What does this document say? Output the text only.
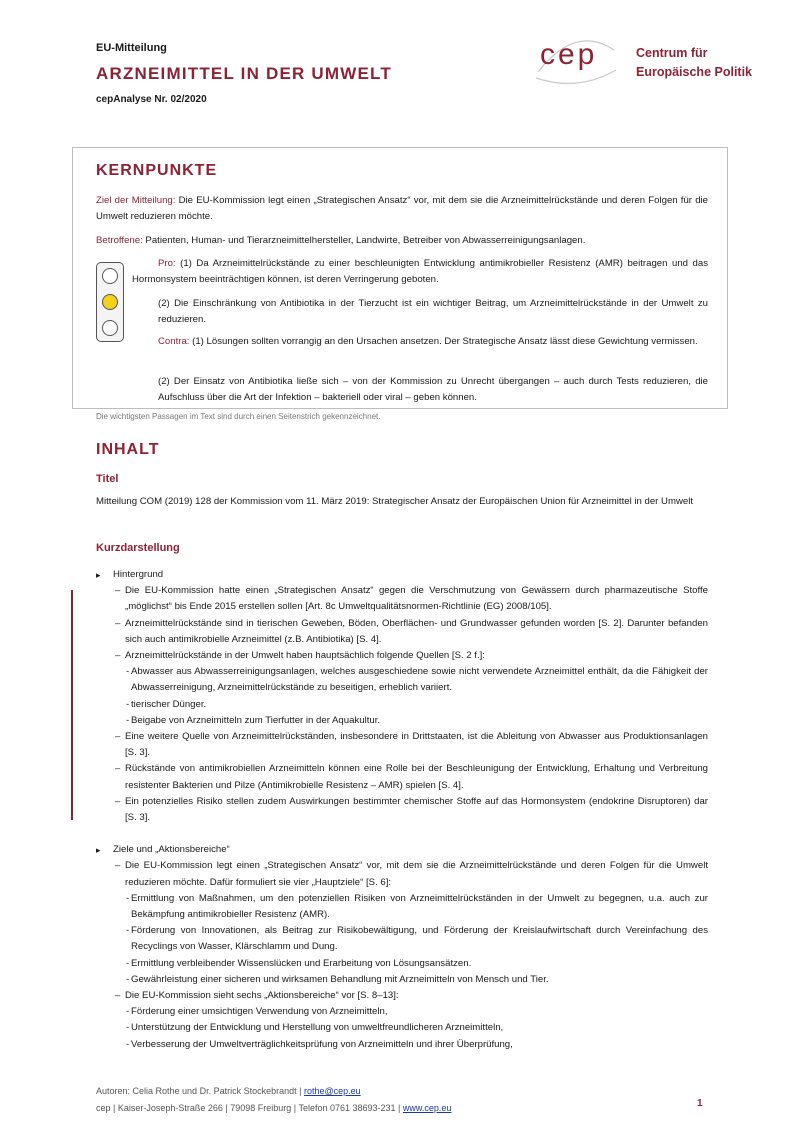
EU-Mitteilung
ARZNEIMITTEL IN DER UMWELT
cepAnalyse Nr. 02/2020
cep	Centrum für
Europäische Politik
KERNPUNKTE
Ziel der Mitteilung: Die EU-Kommission legt einen „Strategischen Ansatz“ vor, mit dem sie die Arzneimittelrückstände und deren Folgen für die Umwelt reduzieren möchte.
Betroffene: Patienten, Human- und Tierarzneimittelhersteller, Landwirte, Betreiber von Abwasserreinigungsanlagen.
Pro: (1) Da Arzneimittelrückstände zu einer beschleunigten Entwicklung antimikrobieller Resistenz (AMR) beitragen und das Hormonsystem beeinträchtigen können, ist deren Verringerung geboten.
(2) Die Einschränkung von Antibiotika in der Tierzucht ist ein wichtiger Beitrag, um Arzneimittelrückstände in der Umwelt zu reduzieren.
Contra: (1) Lösungen sollten vorrangig an den Ursachen ansetzen. Der Strategische Ansatz lässt diese Gewichtung vermissen.
(2) Der Einsatz von Antibiotika ließe sich – von der Kommission zu Unrecht übergangen – auch durch Tests reduzieren, die Aufschluss über die Art der Infektion – bakteriell oder viral – geben können.
Die wichtigsten Passagen im Text sind durch einen Seitenstrich gekennzeichnet.
INHALT
Titel
Mitteilung COM (2019) 128 der Kommission vom 11. März 2019: Strategischer Ansatz der Europäischen Union für Arzneimittel in der Umwelt
Kurzdarstellung
▸ Hintergrund
– Die EU-Kommission hatte einen „Strategischen Ansatz“ gegen die Verschmutzung von Gewässern durch pharmazeutische Stoffe „möglichst“ bis Ende 2015 erstellen sollen [Art. 8c Umweltqualitätsnormen-Richtlinie (EG) 2008/105].
– Arzneimittelrückstände sind in tierischen Geweben, Böden, Oberflächen- und Grundwasser gefunden worden [S. 2]. Darunter befanden sich auch antimikrobielle Arzneimittel (z.B. Antibiotika) [S. 4].
– Arzneimittelrückstände in der Umwelt haben hauptsächlich folgende Quellen [S. 2 f.]:
- Abwasser aus Abwasserreinigungsanlagen, welches ausgeschiedene sowie nicht verwendete Arzneimittel enthält, da die Fähigkeit der Abwasserreinigung, Arzneimittelrückstände zu beseitigen, erheblich variiert.
- tierischer Dünger.
- Beigabe von Arzneimitteln zum Tierfutter in der Aquakultur.
– Eine weitere Quelle von Arzneimittelrückständen, insbesondere in Drittstaaten, ist die Ableitung von Abwasser aus Produktionsanlagen [S. 3].
– Rückstände von antimikrobiellen Arzneimitteln können eine Rolle bei der Beschleunigung der Entwicklung, Erhaltung und Verbreitung resistenter Bakterien und Pilze (Antimikrobielle Resistenz – AMR) spielen [S. 4].
– Ein potenzielles Risiko stellen zudem Auswirkungen bestimmter chemischer Stoffe auf das Hormonsystem (endokrine Disruptoren) dar [S. 3].
▸ Ziele und „Aktionsbereiche“
– Die EU-Kommission legt einen „Strategischen Ansatz“ vor, mit dem sie die Arzneimittelrückstände und deren Folgen für die Umwelt reduzieren möchte. Dafür formuliert sie vier „Hauptziele“ [S. 6]:
- Ermittlung von Maßnahmen, um den potenziellen Risiken von Arzneimittelrückständen in der Umwelt zu begegnen, u.a. auch zur Bekämpfung antimikrobieller Resistenz (AMR).
- Förderung von Innovationen, als Beitrag zur Risikobewältigung, und Förderung der Kreislaufwirtschaft durch Vereinfachung des Recyclings von Wasser, Klärschlamm und Dung.
- Ermittlung verbleibender Wissenslücken und Erarbeitung von Lösungsansätzen.
- Gewährleistung einer sicheren und wirksamen Behandlung mit Arzneimitteln von Mensch und Tier.
– Die EU-Kommission sieht sechs „Aktionsbereiche“ vor [S. 8–13]:
- Förderung einer umsichtigen Verwendung von Arzneimitteln,
- Unterstützung der Entwicklung und Herstellung von umweltfreundlicheren Arzneimitteln,
- Verbesserung der Umweltverträglichkeitsprüfung von Arzneimitteln und ihrer Überprüfung,
Autoren: Celia Rothe und Dr. Patrick Stockebrandt | rothe@cep.eu
cep | Kaiser-Joseph-Straße 266 | 79098 Freiburg | Telefon 0761 38693-231 | www.cep.eu	1
